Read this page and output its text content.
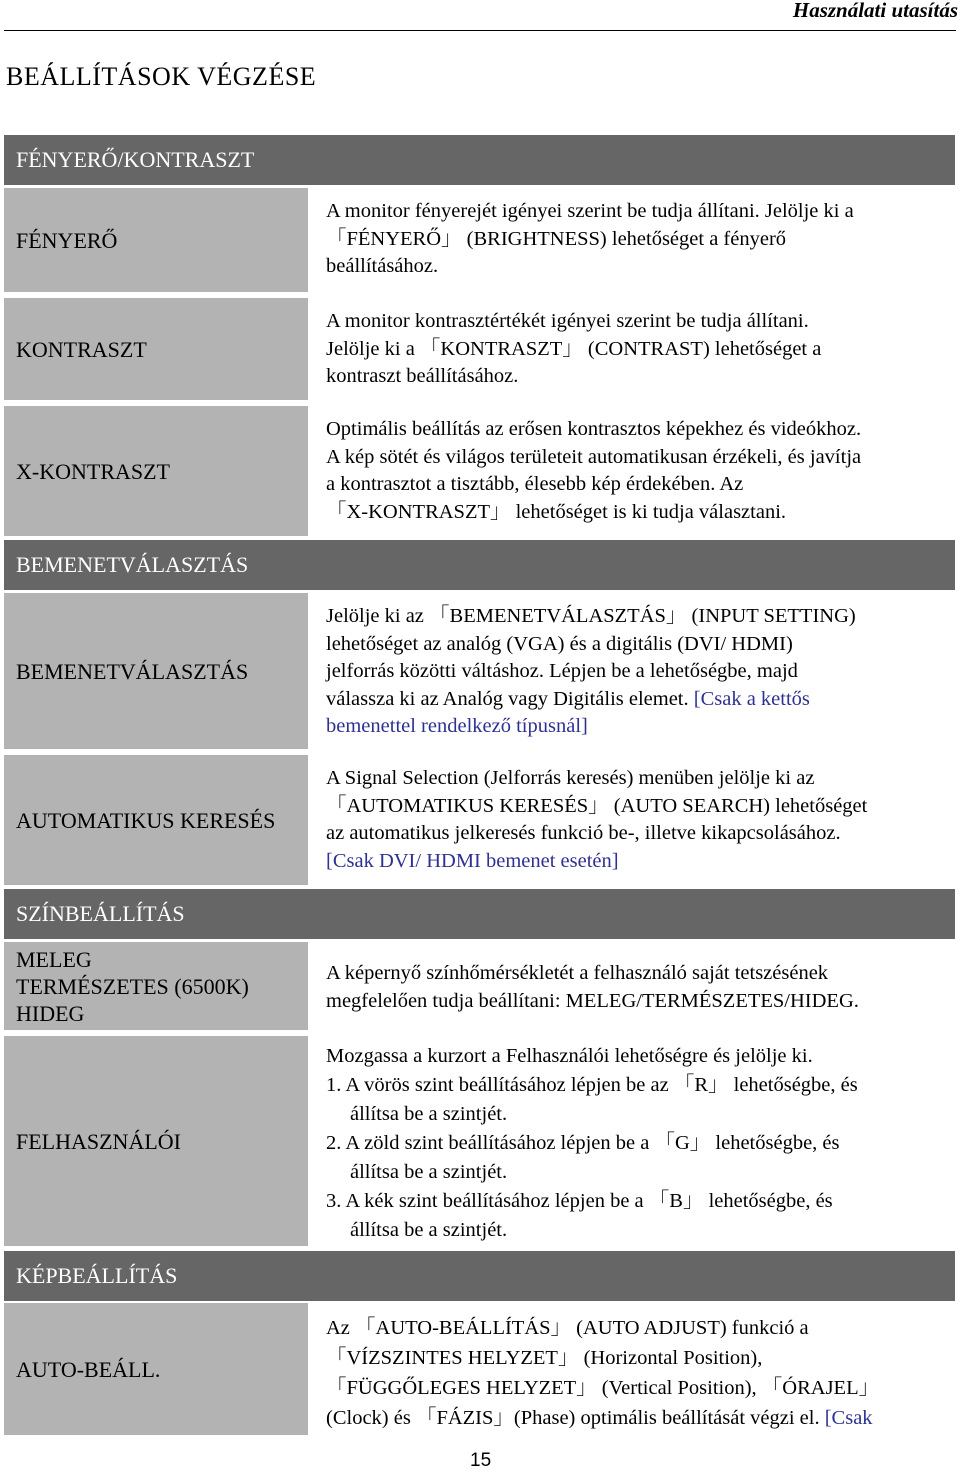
Használati utasítás
BEÁLLÍTÁSOK VÉGZÉSE
FÉNYERŐ/KONTRASZT
FÉNYERŐ
A monitor fényerejét igényei szerint be tudja állítani. Jelölje ki a
「FÉNYERŐ」 (BRIGHTNESS) lehetőséget a fényerő
beállításához.
KONTRASZT
A monitor kontrasztértékét igényei szerint be tudja állítani.
Jelölje ki a 「KONTRASZT」 (CONTRAST) lehetőséget a
kontraszt beállításához.
X-KONTRASZT
Optimális beállítás az erősen kontrasztos képekhez és videókhoz.
A kép sötét és világos területeit automatikusan érzékeli, és javítja
a kontrasztot a tisztább, élesebb kép érdekében. Az
「X-KONTRASZT」 lehetőséget is ki tudja választani.
BEMENETVÁLASZTÁS
BEMENETVÁLASZTÁS
Jelölje ki az 「BEMENETVÁLASZTÁS」 (INPUT SETTING)
lehetőséget az analóg (VGA) és a digitális (DVI/ HDMI)
jelforrás közötti váltáshoz. Lépjen be a lehetőségbe, majd
válassza ki az Analóg vagy Digitális elemet. [Csak a kettős
bemenettel rendelkező típusnál]
AUTOMATIKUS KERESÉS
A Signal Selection (Jelforrás keresés) menüben jelölje ki az
「AUTOMATIKUS KERESÉS」 (AUTO SEARCH) lehetőséget
az automatikus jelkeresés funkció be-, illetve kikapcsolásához.
[Csak DVI/ HDMI bemenet esetén]
SZÍNBEÁLLÍTÁS
MELEG
TERMÉSZETES (6500K)
HIDEG
A képernyő színhőmérsékletét a felhasználó saját tetszésének
megfelelően tudja beállítani: MELEG/TERMÉSZETES/HIDEG.
FELHASZNÁLÓI
Mozgassa a kurzort a Felhasználói lehetőségre és jelölje ki.
1. A vörös szint beállításához lépjen be az 「R」 lehetőségbe, és
állítsa be a szintjét.
2. A zöld szint beállításához lépjen be a 「G」 lehetőségbe, és
állítsa be a szintjét.
3. A kék szint beállításához lépjen be a 「B」 lehetőségbe, és
állítsa be a szintjét.
KÉPBEÁLLÍTÁS
AUTO-BEÁLL.
Az 「AUTO-BEÁLLÍTÁS」 (AUTO ADJUST) funkció a
「VÍZSZINTES HELYZET」 (Horizontal Position),
「FÜGGŐLEGES HELYZET」 (Vertical Position), 「ÓRAJEL」
(Clock) és 「FÁZIS」(Phase) optimális beállítását végzi el. [Csak
15
